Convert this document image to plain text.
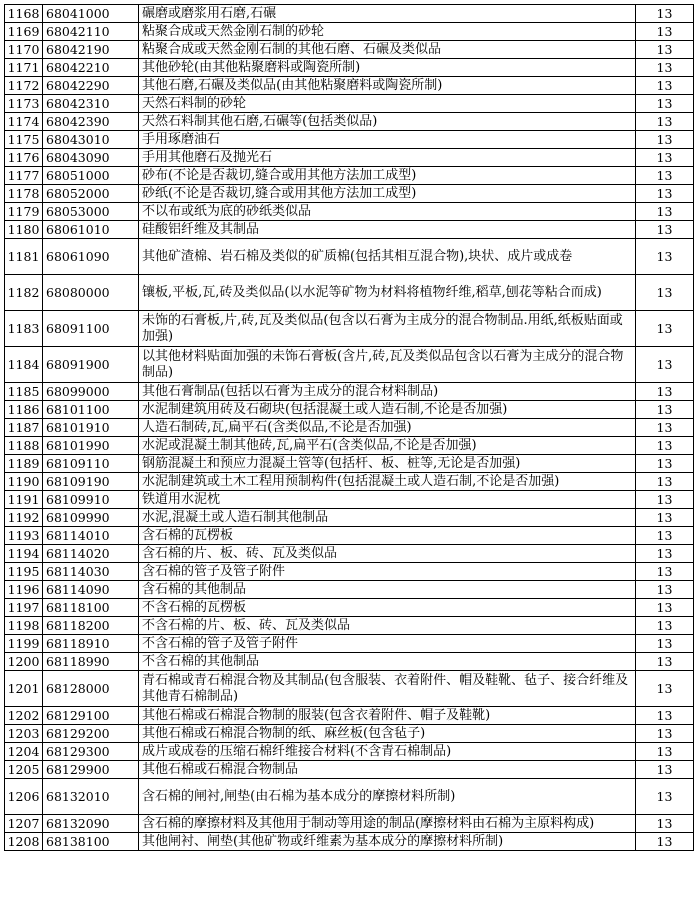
1168	68041000	碾磨或磨浆用石磨,石碾	13
1169	68042110	粘聚合成或天然金刚石制的砂轮	13
1170	68042190	粘聚合成或天然金刚石制的其他石磨、石碾及类似品	13
1171	68042210	其他砂轮(由其他粘聚磨料或陶瓷所制)	13
1172	68042290	其他石磨,石碾及类似品(由其他粘聚磨料或陶瓷所制)	13
1173	68042310	天然石料制的砂轮	13
1174	68042390	天然石料制其他石磨,石碾等(包括类似品)	13
1175	68043010	手用琢磨油石	13
1176	68043090	手用其他磨石及抛光石	13
1177	68051000	砂布(不论是否裁切,缝合或用其他方法加工成型)	13
1178	68052000	砂纸(不论是否裁切,缝合或用其他方法加工成型)	13
1179	68053000	不以布或纸为底的砂纸类似品	13
1180	68061010	硅酸铝纤维及其制品	13
1181	68061090	其他矿渣棉、岩石棉及类似的矿质棉(包括其相互混合物),块状、成片或成卷	13
1182	68080000	镶板,平板,瓦,砖及类似品(以水泥等矿物为材料将植物纤维,稻草,刨花等粘合而成)	13
1183	68091100	未饰的石膏板,片,砖,瓦及类似品(包含以石膏为主成分的混合物制品.用纸,纸板贴面或加强)	13
1184	68091900	以其他材料贴面加强的未饰石膏板(含片,砖,瓦及类似品包含以石膏为主成分的混合物制品)	13
1185	68099000	其他石膏制品(包括以石膏为主成分的混合材料制品)	13
1186	68101100	水泥制建筑用砖及石砌块(包括混凝土或人造石制,不论是否加强)	13
1187	68101910	人造石制砖,瓦,扁平石(含类似品,不论是否加强)	13
1188	68101990	水泥或混凝土制其他砖,瓦,扁平石(含类似品,不论是否加强)	13
1189	68109110	钢筋混凝土和预应力混凝土管等(包括杆、板、桩等,无论是否加强)	13
1190	68109190	水泥制建筑或土木工程用预制构件(包括混凝土或人造石制,不论是否加强)	13
1191	68109910	铁道用水泥枕	13
1192	68109990	水泥,混凝土或人造石制其他制品	13
1193	68114010	含石棉的瓦楞板	13
1194	68114020	含石棉的片、板、砖、瓦及类似品	13
1195	68114030	含石棉的管子及管子附件	13
1196	68114090	含石棉的其他制品	13
1197	68118100	不含石棉的瓦楞板	13
1198	68118200	不含石棉的片、板、砖、瓦及类似品	13
1199	68118910	不含石棉的管子及管子附件	13
1200	68118990	不含石棉的其他制品	13
1201	68128000	青石棉或青石棉混合物及其制品(包含服装、衣着附件、帽及鞋靴、毡子、接合纤维及其他青石棉制品)	13
1202	68129100	其他石棉或石棉混合物制的服装(包含衣着附件、帽子及鞋靴)	13
1203	68129200	其他石棉或石棉混合物制的纸、麻丝板(包含毡子)	13
1204	68129300	成片或成卷的压缩石棉纤维接合材料(不含青石棉制品)	13
1205	68129900	其他石棉或石棉混合物制品	13
1206	68132010	含石棉的闸衬,闸垫(由石棉为基本成分的摩擦材料所制)	13
1207	68132090	含石棉的摩擦材料及其他用于制动等用途的制品(摩擦材料由石棉为主原料构成)	13
1208	68138100	其他闸衬、闸垫(其他矿物或纤维素为基本成分的摩擦材料所制)	13
